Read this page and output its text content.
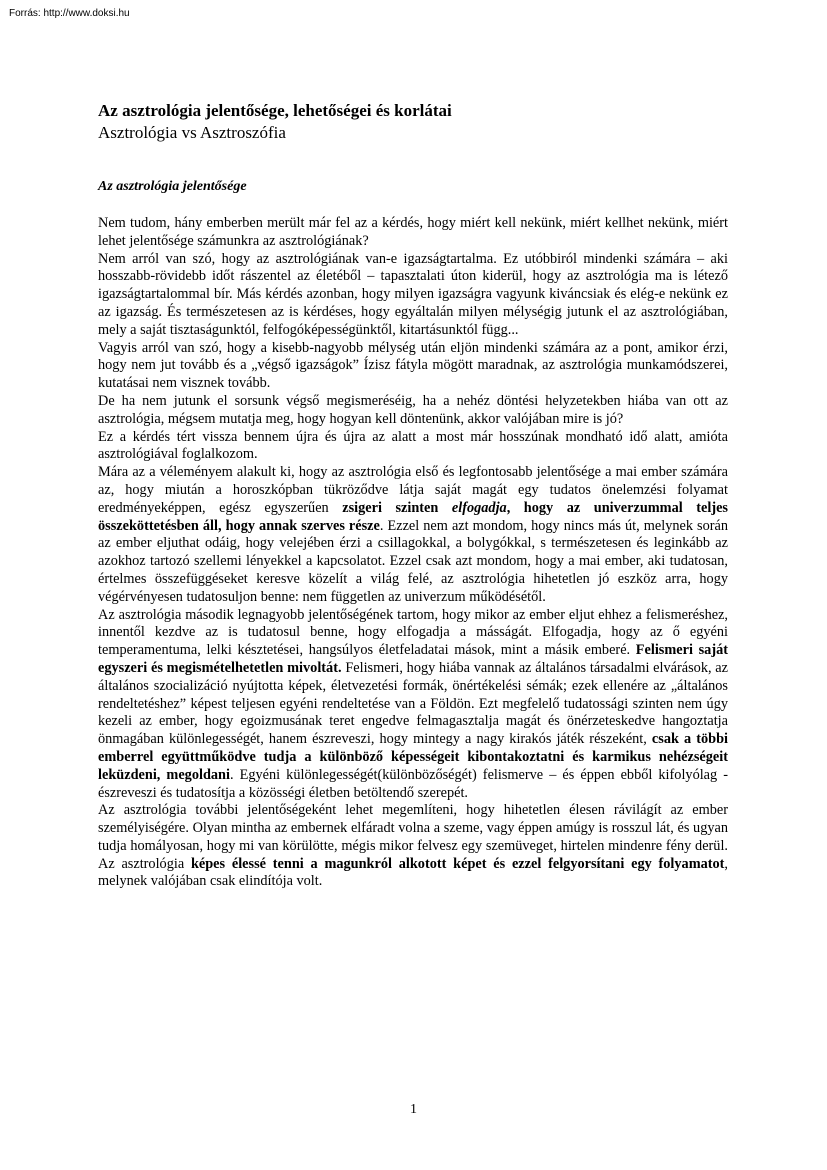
Forrás: http://www.doksi.hu
Az asztrológia jelentősége, lehetőségei és korlátai
Asztrológia vs Asztroszófia
Az asztrológia jelentősége

Nem tudom, hány emberben merült már fel az a kérdés, hogy miért kell nekünk, miért kellhet nekünk, miért lehet jelentősége számunkra az asztrológiának?

Nem arról van szó, hogy az asztrológiának van-e igazságtartalma. Ez utóbbiról mindenki számára – aki hosszabb-rövidebb időt rászentel az életéből – tapasztalati úton kiderül, hogy az asztrológia ma is létező igazságtartalommal bír. Más kérdés azonban, hogy milyen igazságra vagyunk kiváncsiak és elég-e nekünk ez az igazság. És természetesen az is kérdéses, hogy egyáltalán milyen mélységig jutunk el az asztrológiában, mely a saját tisztaságunktól, felfogóképességünktől, kitartásunktól függ...

Vagyis arról van szó, hogy a kisebb-nagyobb mélység után eljön mindenki számára az a pont, amikor érzi, hogy nem jut tovább és a „végső igazságok” Ízisz fátyla mögött maradnak, az asztrológia munkamódszerei, kutatásai nem visznek tovább.

De ha nem jutunk el sorsunk végső megismeréséig, ha a nehéz döntési helyzetekben hiába van ott az asztrológia, mégsem mutatja meg, hogy hogyan kell döntenünk, akkor valójában mire is jó?

Ez a kérdés tért vissza bennem újra és újra az alatt a most már hosszúnak mondható idő alatt, amióta asztrológiával foglalkozom.

Mára az a véleményem alakult ki, hogy az asztrológia első és legfontosabb jelentősége a mai ember számára az, hogy miután a horoszkópban tükröződve látja saját magát egy tudatos önelemzési folyamat eredményeképpen, egész egyszerűen zsigeri szinten elfogadja, hogy az univerzummal teljes összeköttetésben áll, hogy annak szerves része. Ezzel nem azt mondom, hogy nincs más út, melynek során az ember eljuthat odáig, hogy velejében érzi a csillagokkal, a bolygókkal, s természetesen és leginkább az azokhoz tartozó szellemi lényekkel a kapcsolatot. Ezzel csak azt mondom, hogy a mai ember, aki tudatosan, értelmes összefüggéseket keresve közelít a világ felé, az asztrológia hihetetlen jó eszköz arra, hogy végérvényesen tudatosuljon benne: nem független az univerzum működésétől.

Az asztrológia második legnagyobb jelentőségének tartom, hogy mikor az ember eljut ehhez a felismeréshez, innentől kezdve az is tudatosul benne, hogy elfogadja a másságát. Elfogadja, hogy az ő egyéni temperamentuma, lelki késztetései, hangsúlyos életfeladatai mások, mint a másik emberé. Felismeri saját egyszeri és megismételhetetlen mivoltát. Felismeri, hogy hiába vannak az általános társadalmi elvárások, az általános szocializáció nyújtotta képek, életvezetési formák, önértékelési sémák; ezek ellenére az „általános rendeltetéshez” képest teljesen egyéni rendeltetése van a Földön. Ezt megfelelő tudatossági szinten nem úgy kezeli az ember, hogy egoizmusának teret engedve felmagasztalja magát és önérzeteskedve hangoztatja önmagában különlegességét, hanem észreveszi, hogy mintegy a nagy kirakós játék részeként, csak a többi emberrel együttműködve tudja a különböző képességeit kibontakoztatni és karmikus nehézségeit leküzdeni, megoldani. Egyéni különlegességét(különbözőségét) felismerve – és éppen ebből kifolyólag - észreveszi és tudatosítja a közösségi életben betöltendő szerepét.

Az asztrológia további jelentőségeként lehet megemlíteni, hogy hihetetlen élesen rávilágít az ember személyiségére. Olyan mintha az embernek elfáradt volna a szeme, vagy éppen amúgy is rosszul lát, és ugyan tudja homályosan, hogy mi van körülötte, mégis mikor felvesz egy szemüveget, hirtelen mindenre fény derül. Az asztrológia képes élessé tenni a magunkról alkotott képet és ezzel felgyorsítani egy folyamatot, melynek valójában csak elindítója volt.

1
